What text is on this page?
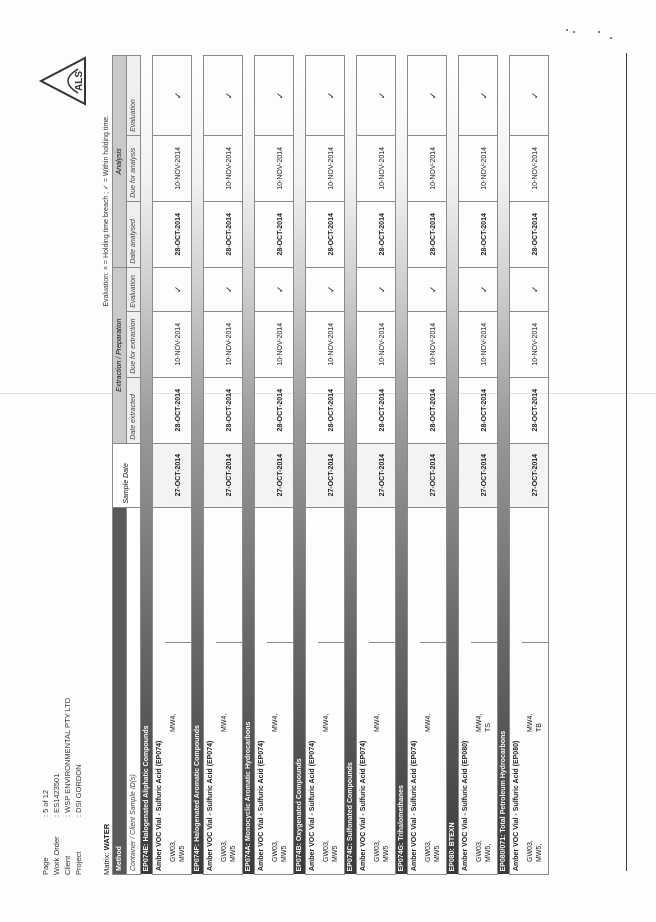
Page
: 5 of 12
Work Order
: ES1423501
Client
: WSP ENVIRONMENTAL PTY LTD
Project
: DSI GORDON
ALS
Matrix: WATER
Evaluation: × = Holding time breach ; ✓ = Within holding time.
Method		Sample Date	Extraction / Preparation			Analysis		
Container / Client Sample ID(s)			Date extracted	Due for extraction	Evaluation	Date analysed	Due for analysis	Evaluation
EP074E: Halogenated Aliphatic Compounds								
Amber VOC Vial - Sulfuric Acid (EP074)								

GW03, MW5
MW4,		27-OCT-2014	28-OCT-2014	10-NOV-2014	✓	28-OCT-2014	10-NOV-2014	✓
EP074F: Halogenated Aromatic Compounds								
Amber VOC Vial - Sulfuric Acid (EP074)								

GW03, MW5
MW4,		27-OCT-2014	28-OCT-2014	10-NOV-2014	✓	28-OCT-2014	10-NOV-2014	✓
EP074A: Monocyclic Aromatic Hydrocarbons								
Amber VOC Vial - Sulfuric Acid (EP074)								

GW03, MW5
MW4,		27-OCT-2014	28-OCT-2014	10-NOV-2014	✓	28-OCT-2014	10-NOV-2014	✓
EP074B: Oxygenated Compounds								
Amber VOC Vial - Sulfuric Acid (EP074)								

GW03, MW5
MW4,		27-OCT-2014	28-OCT-2014	10-NOV-2014	✓	28-OCT-2014	10-NOV-2014	✓
EP074C: Sulfonated Compounds								
Amber VOC Vial - Sulfuric Acid (EP074)								

GW03, MW5
MW4,		27-OCT-2014	28-OCT-2014	10-NOV-2014	✓	28-OCT-2014	10-NOV-2014	✓
EP074G: Trihalomethanes								
Amber VOC Vial - Sulfuric Acid (EP074)								

GW03, MW5
MW4,		27-OCT-2014	28-OCT-2014	10-NOV-2014	✓	28-OCT-2014	10-NOV-2014	✓
EP080: BTEXN								
Amber VOC Vial - Sulfuric Acid (EP080)								

GW03, MW5,
MW4, TS		27-OCT-2014	28-OCT-2014	10-NOV-2014	✓	28-OCT-2014	10-NOV-2014	✓
EP080/071: Total Petroleum Hydrocarbons								
Amber VOC Vial - Sulfuric Acid (EP080)								

GW03, MW5,
MW4, TB		27-OCT-2014	28-OCT-2014	10-NOV-2014	✓	28-OCT-2014	10-NOV-2014	✓
